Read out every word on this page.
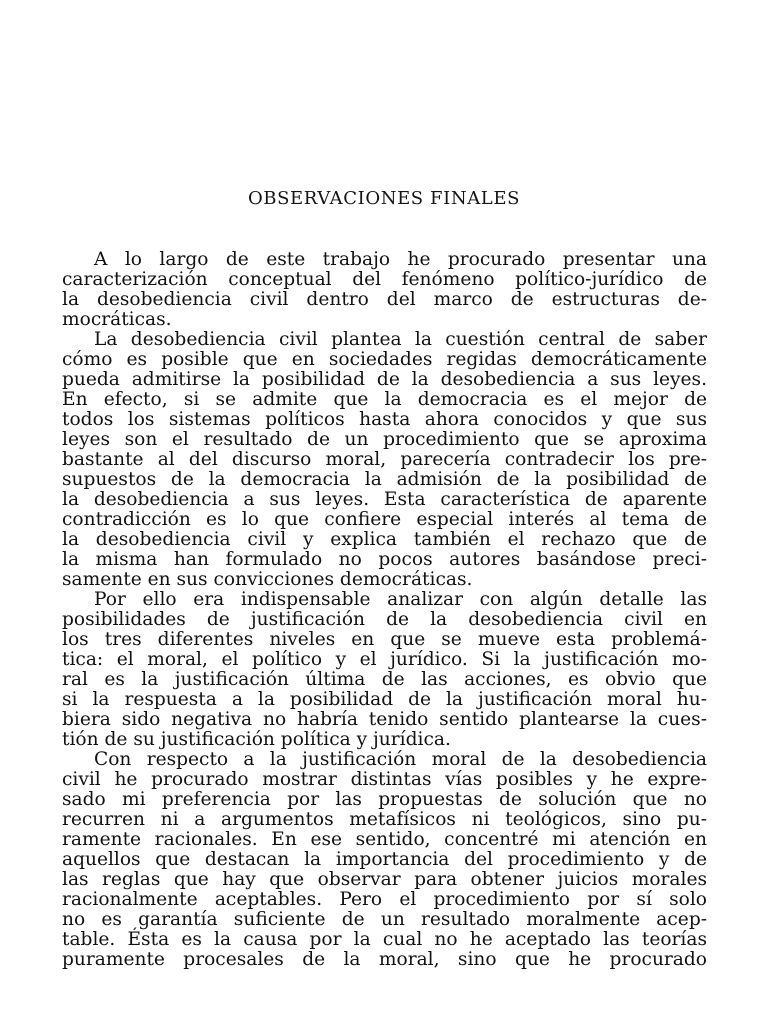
OBSERVACIONES FINALES
A lo largo de este trabajo he procurado presentar una
caracterización conceptual del fenómeno político-jurídico de
la desobediencia civil dentro del marco de estructuras de-
mocráticas.
La desobediencia civil plantea la cuestión central de saber
cómo es posible que en sociedades regidas democráticamente
pueda admitirse la posibilidad de la desobediencia a sus leyes.
En efecto, si se admite que la democracia es el mejor de
todos los sistemas políticos hasta ahora conocidos y que sus
leyes son el resultado de un procedimiento que se aproxima
bastante al del discurso moral, parecería contradecir los pre-
supuestos de la democracia la admisión de la posibilidad de
la desobediencia a sus leyes. Esta característica de aparente
contradicción es lo que confiere especial interés al tema de
la desobediencia civil y explica también el rechazo que de
la misma han formulado no pocos autores basándose preci-
samente en sus convicciones democráticas.
Por ello era indispensable analizar con algún detalle las
posibilidades de justificación de la desobediencia civil en
los tres diferentes niveles en que se mueve esta problemá-
tica: el moral, el político y el jurídico. Si la justificación mo-
ral es la justificación última de las acciones, es obvio que
si la respuesta a la posibilidad de la justificación moral hu-
biera sido negativa no habría tenido sentido plantearse la cues-
tión de su justificación política y jurídica.
Con respecto a la justificación moral de la desobediencia
civil he procurado mostrar distintas vías posibles y he expre-
sado mi preferencia por las propuestas de solución que no
recurren ni a argumentos metafísicos ni teológicos, sino pu-
ramente racionales. En ese sentido, concentré mi atención en
aquellos que destacan la importancia del procedimiento y de
las reglas que hay que observar para obtener juicios morales
racionalmente aceptables. Pero el procedimiento por sí solo
no es garantía suficiente de un resultado moralmente acep-
table. Ésta es la causa por la cual no he aceptado las teorías
puramente procesales de la moral, sino que he procurado
